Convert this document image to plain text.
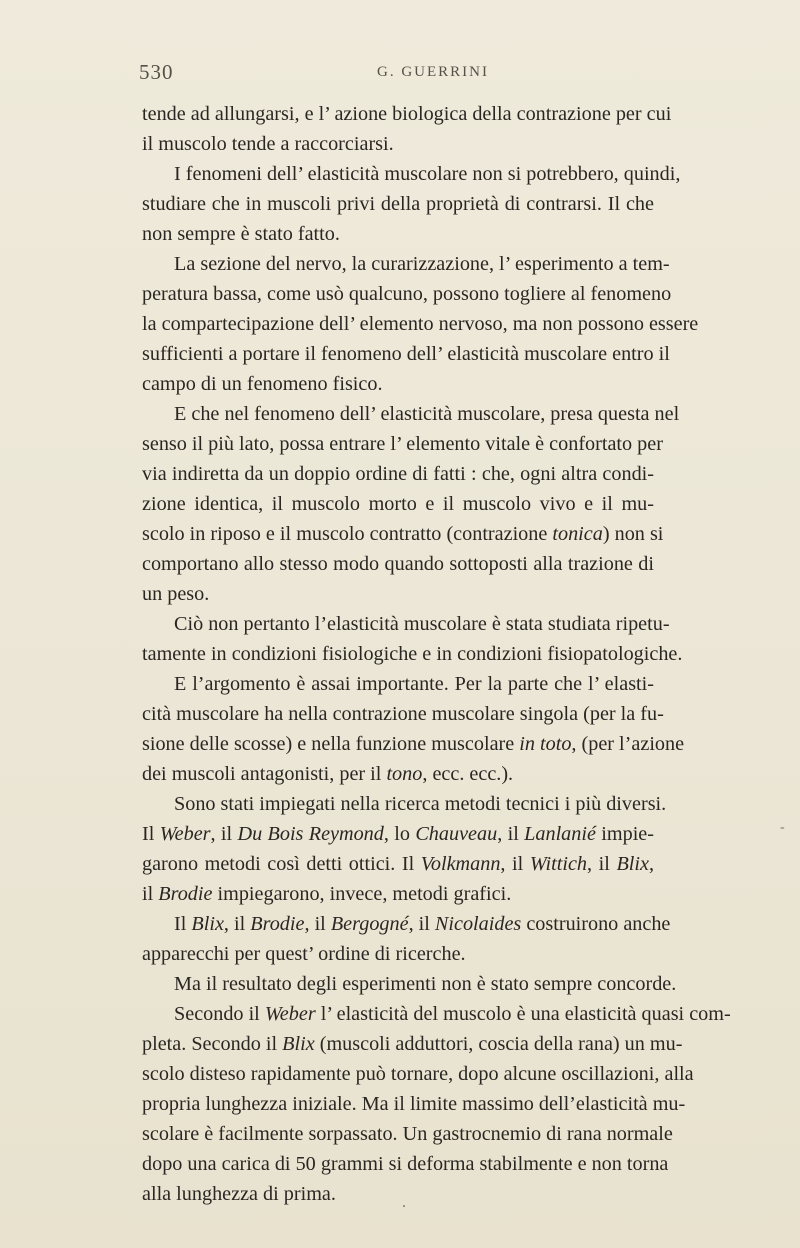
530	G. GUERRINI
tende ad allungarsi, e l’ azione biologica della contrazione per cui
il muscolo tende a raccorciarsi.
I fenomeni dell’ elasticità muscolare non si potrebbero, quindi,
studiare che in muscoli privi della proprietà di contrarsi. Il che
non sempre è stato fatto.
La sezione del nervo, la curarizzazione, l’ esperimento a tem-
peratura bassa, come usò qualcuno, possono togliere al fenomeno
la compartecipazione dell’ elemento nervoso, ma non possono essere
sufficienti a portare il fenomeno dell’ elasticità muscolare entro il
campo di un fenomeno fisico.
E che nel fenomeno dell’ elasticità muscolare, presa questa nel
senso il più lato, possa entrare l’ elemento vitale è confortato per
via indiretta da un doppio ordine di fatti : che, ogni altra condi-
zione identica, il muscolo morto e il muscolo vivo e il mu-
scolo in riposo e il muscolo contratto (contrazione tonica) non si
comportano allo stesso modo quando sottoposti alla trazione di
un peso.
Ciò non pertanto l’elasticità muscolare è stata studiata ripetu-
tamente in condizioni fisiologiche e in condizioni fisiopatologiche.
E l’argomento è assai importante. Per la parte che l’ elasti-
cità muscolare ha nella contrazione muscolare singola (per la fu-
sione delle scosse) e nella funzione muscolare in toto, (per l’azione
dei muscoli antagonisti, per il tono, ecc. ecc.).
Sono stati impiegati nella ricerca metodi tecnici i più diversi.
Il Weber, il Du Bois Reymond, lo Chauveau, il Lanlanié impie-
garono metodi così detti ottici. Il Volkmann, il Wittich, il Blix,
il Brodie impiegarono, invece, metodi grafici.
Il Blix, il Brodie, il Bergogné, il Nicolaides costruirono anche
apparecchi per quest’ ordine di ricerche.
Ma il resultato degli esperimenti non è stato sempre concorde.
Secondo il Weber l’ elasticità del muscolo è una elasticità quasi com-
pleta. Secondo il Blix (muscoli adduttori, coscia della rana) un mu-
scolo disteso rapidamente può tornare, dopo alcune oscillazioni, alla
propria lunghezza iniziale. Ma il limite massimo dell’elasticità mu-
scolare è facilmente sorpassato. Un gastrocnemio di rana normale
dopo una carica di 50 grammi si deforma stabilmente e non torna
alla lunghezza di prima.
-
.
